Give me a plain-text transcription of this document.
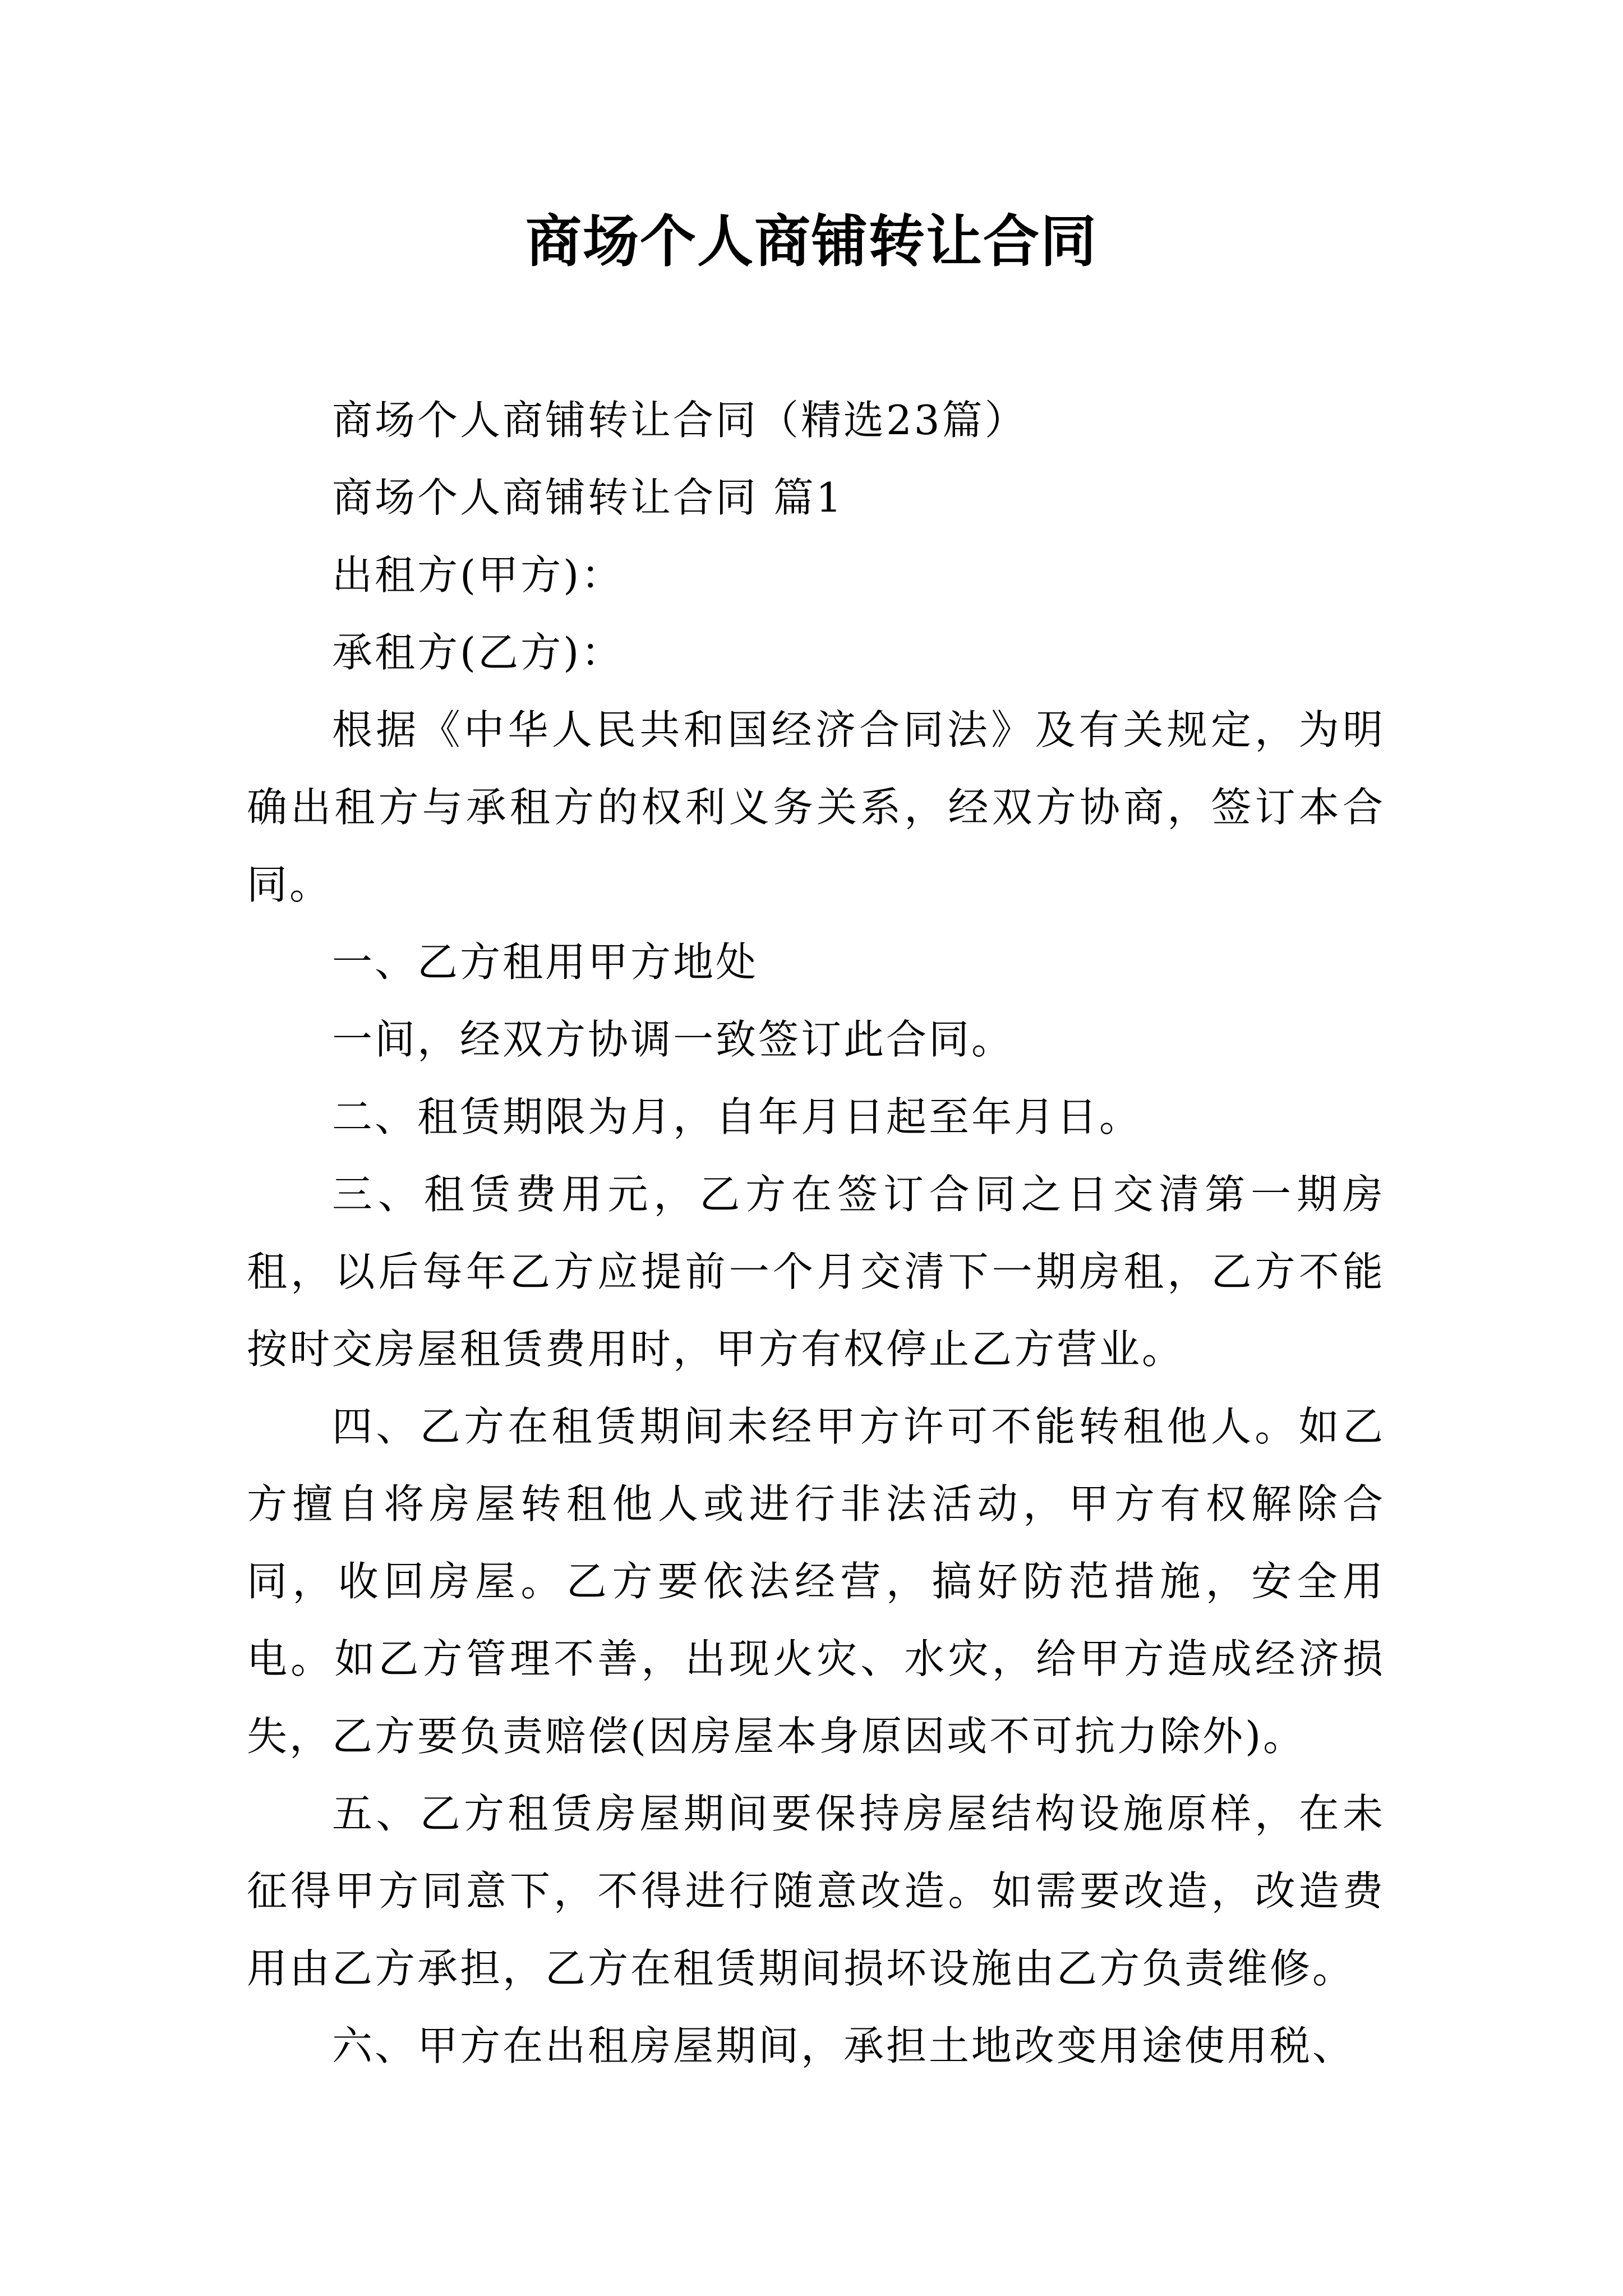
商场个人商铺转让合同

商场个人商铺转让合同（精选23篇）

商场个人商铺转让合同 篇1

出租方(甲方)：

承租方(乙方)：

根据《中华人民共和国经济合同法》及有关规定，为明确出租方与承租方的权利义务关系，经双方协商，签订本合同。

一、乙方租用甲方地处

一间，经双方协调一致签订此合同。

二、租赁期限为月，自年月日起至年月日。

三、租赁费用元，乙方在签订合同之日交清第一期房租，以后每年乙方应提前一个月交清下一期房租，乙方不能按时交房屋租赁费用时，甲方有权停止乙方营业。

四、乙方在租赁期间未经甲方许可不能转租他人。如乙方擅自将房屋转租他人或进行非法活动，甲方有权解除合同，收回房屋。乙方要依法经营，搞好防范措施，安全用电。如乙方管理不善，出现火灾、水灾，给甲方造成经济损失，乙方要负责赔偿(因房屋本身原因或不可抗力除外)。

五、乙方租赁房屋期间要保持房屋结构设施原样，在未征得甲方同意下，不得进行随意改造。如需要改造，改造费用由乙方承担，乙方在租赁期间损坏设施由乙方负责维修。

六、甲方在出租房屋期间，承担土地改变用途使用税、
